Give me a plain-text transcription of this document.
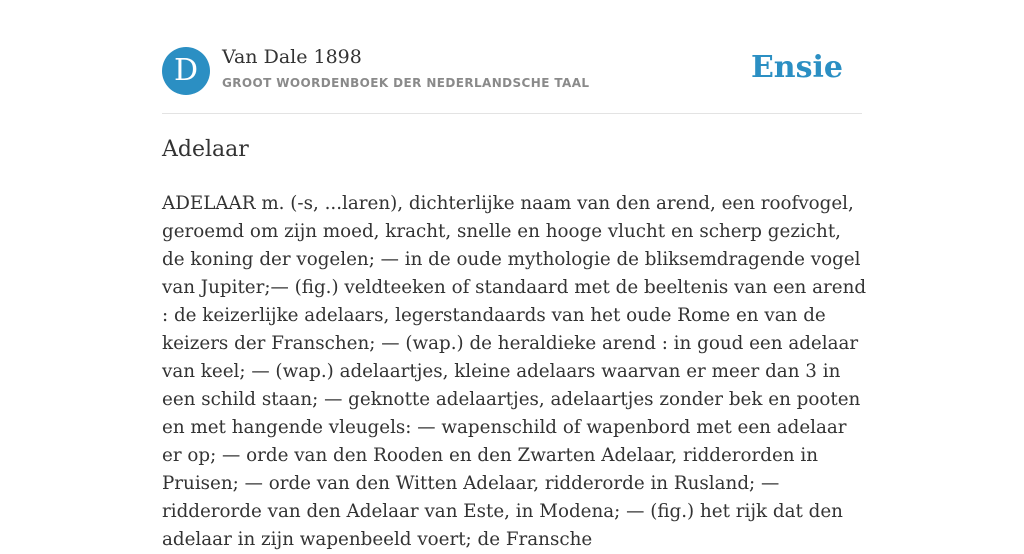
D	Van Dale 1898
GROOT WOORDENBOEK DER NEDERLANDSCHE TAAL	Ensie
Adelaar

ADELAAR m. (-s, ...laren), dichterlijke naam van den arend, een roofvogel, geroemd om zijn moed, kracht, snelle en hooge vlucht en scherp gezicht, de koning der vogelen; — in de oude mythologie de bliksemdragende vogel van Jupiter;— (fig.) veldteeken of standaard met de beeltenis van een arend : de keizerlijke adelaars, legerstandaards van het oude Rome en van de keizers der Franschen; — (wap.) de heraldieke arend : in goud een adelaar van keel; — (wap.) adelaartjes, kleine adelaars waarvan er meer dan 3 in een schild staan; — geknotte adelaartjes, adelaartjes zonder bek en pooten en met hangende vleugels: — wapenschild of wapenbord met een adelaar er op; — orde van den Rooden en den Zwarten Adelaar, ridderorden in Pruisen; — orde van den Witten Adelaar, ridderorde in Rusland; — ridderorde van den Adelaar van Este, in Modena; — (fig.) het rijk dat den adelaar in zijn wapenbeeld voert; de Fransche
